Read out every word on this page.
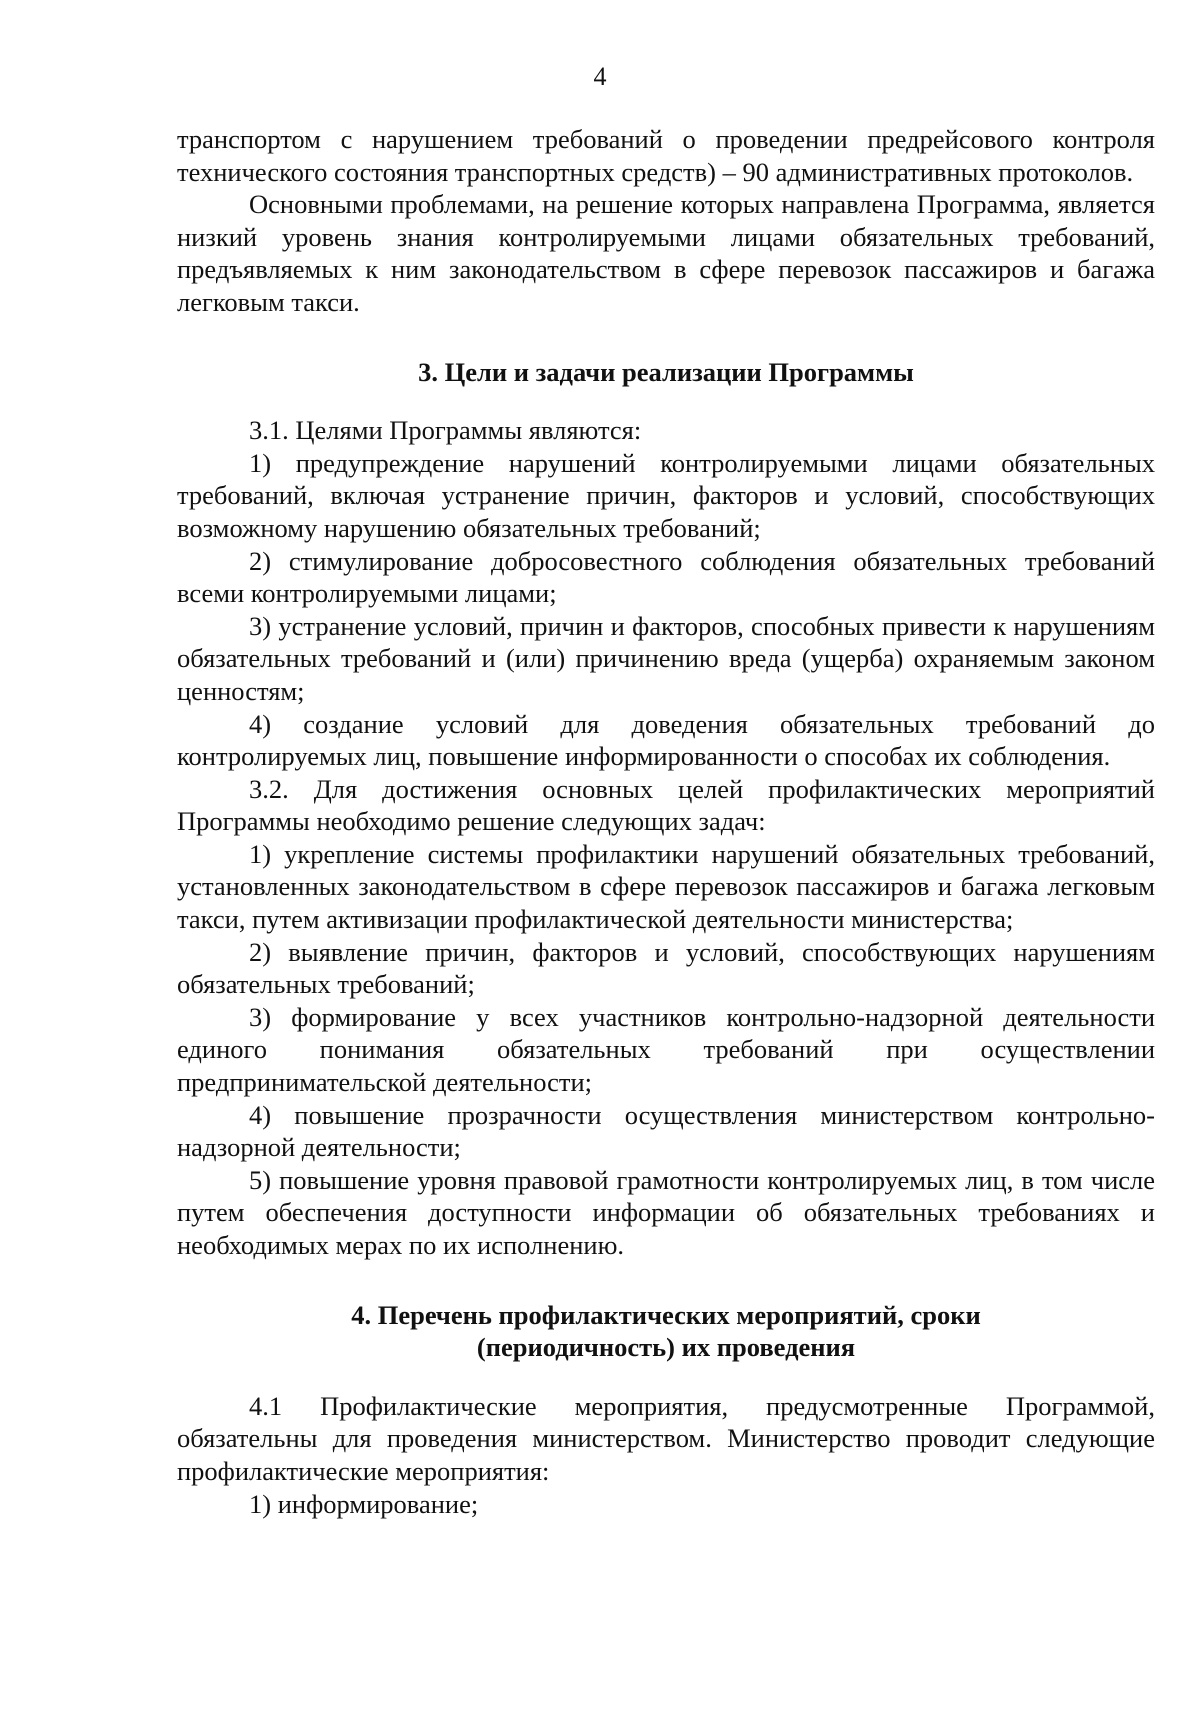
4

транспортом с нарушением требований о проведении предрейсового контроля технического состояния транспортных средств) – 90 административных протоколов.

Основными проблемами, на решение которых направлена Программа, является низкий уровень знания контролируемыми лицами обязательных требований, предъявляемых к ним законодательством в сфере перевозок пассажиров и багажа легковым такси.

3. Цели и задачи реализации Программы

3.1. Целями Программы являются:

1) предупреждение нарушений контролируемыми лицами обязательных требований, включая устранение причин, факторов и условий, способствующих возможному нарушению обязательных требований;

2) стимулирование добросовестного соблюдения обязательных требований всеми контролируемыми лицами;

3) устранение условий, причин и факторов, способных привести к нарушениям обязательных требований и (или) причинению вреда (ущерба) охраняемым законом ценностям;

4) создание условий для доведения обязательных требований до контролируемых лиц, повышение информированности о способах их соблюдения.

3.2. Для достижения основных целей профилактических мероприятий Программы необходимо решение следующих задач:

1) укрепление системы профилактики нарушений обязательных требований, установленных законодательством в сфере перевозок пассажиров и багажа легковым такси, путем активизации профилактической деятельности министерства;

2) выявление причин, факторов и условий, способствующих нарушениям обязательных требований;

3) формирование у всех участников контрольно-надзорной деятельности единого понимания обязательных требований при осуществлении предпринимательской деятельности;

4) повышение прозрачности осуществления министерством контрольно-надзорной деятельности;

5) повышение уровня правовой грамотности контролируемых лиц, в том числе путем обеспечения доступности информации об обязательных требованиях и необходимых мерах по их исполнению.

4. Перечень профилактических мероприятий, сроки
(периодичность) их проведения

4.1 Профилактические мероприятия, предусмотренные Программой, обязательны для проведения министерством. Министерство проводит следующие профилактические мероприятия:

1) информирование;
